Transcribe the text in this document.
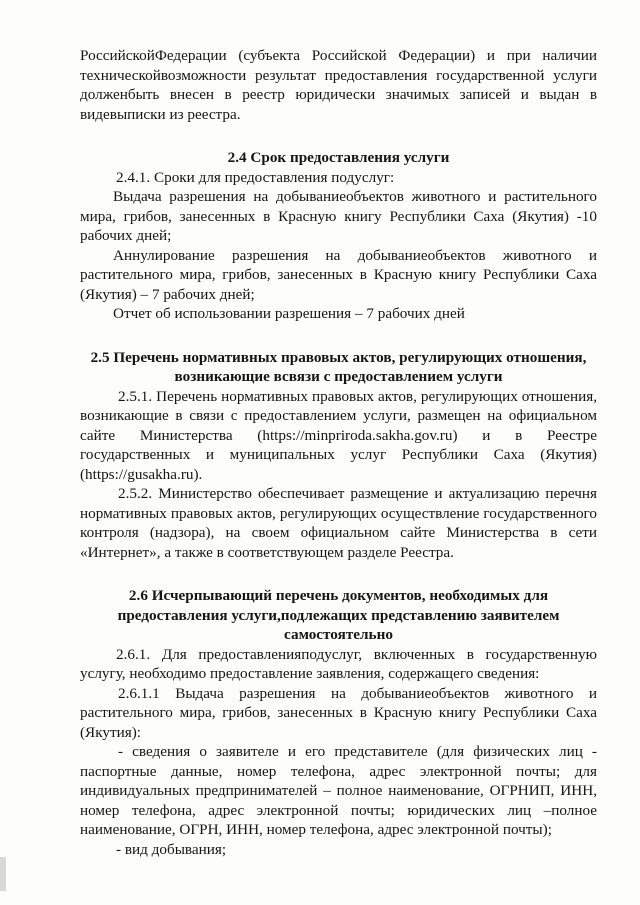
РоссийскойФедерации (субъекта Российской Федерации) и при наличии техническойвозможности результат предоставления государственной услуги долженбыть внесен в реестр юридически значимых записей и выдан в видевыписки из реестра.

2.4 Срок предоставления услуги

2.4.1. Сроки для предоставления подуслуг:

Выдача разрешения на добываниеобъектов животного и растительного мира, грибов, занесенных в Красную книгу Республики Саха (Якутия) -10 рабочих дней;

Аннулирование разрешения на добываниеобъектов животного и растительного мира, грибов, занесенных в Красную книгу Республики Саха (Якутия) – 7 рабочих дней;

Отчет об использовании разрешения – 7 рабочих дней

2.5 Перечень нормативных правовых актов, регулирующих отношения,

возникающие всвязи с предоставлением услуги

2.5.1. Перечень нормативных правовых актов, регулирующих отношения, возникающие в связи с предоставлением услуги, размещен на официальном сайте Министерства (https://minpriroda.sakha.gov.ru) и в Реестре государственных и муниципальных услуг Республики Саха (Якутия) (https://gusakha.ru).

2.5.2. Министерство обеспечивает размещение и актуализацию перечня нормативных правовых актов, регулирующих осуществление государственного контроля (надзора), на своем официальном сайте Министерства в сети «Интернет», а также в соответствующем разделе Реестра.

2.6 Исчерпывающий перечень документов, необходимых для

предоставления услуги,подлежащих представлению заявителем

самостоятельно

2.6.1. Для предоставленияподуслуг, включенных в государственную услугу, необходимо предоставление заявления, содержащего сведения:

2.6.1.1 Выдача разрешения на добываниеобъектов животного и растительного мира, грибов, занесенных в Красную книгу Республики Саха (Якутия):

- сведения о заявителе и его представителе (для физических лиц - паспортные данные, номер телефона, адрес электронной почты; для индивидуальных предпринимателей – полное наименование, ОГРНИП, ИНН, номер телефона, адрес электронной почты; юридических лиц –полное наименование, ОГРН, ИНН, номер телефона, адрес электронной почты);

- вид добывания;
